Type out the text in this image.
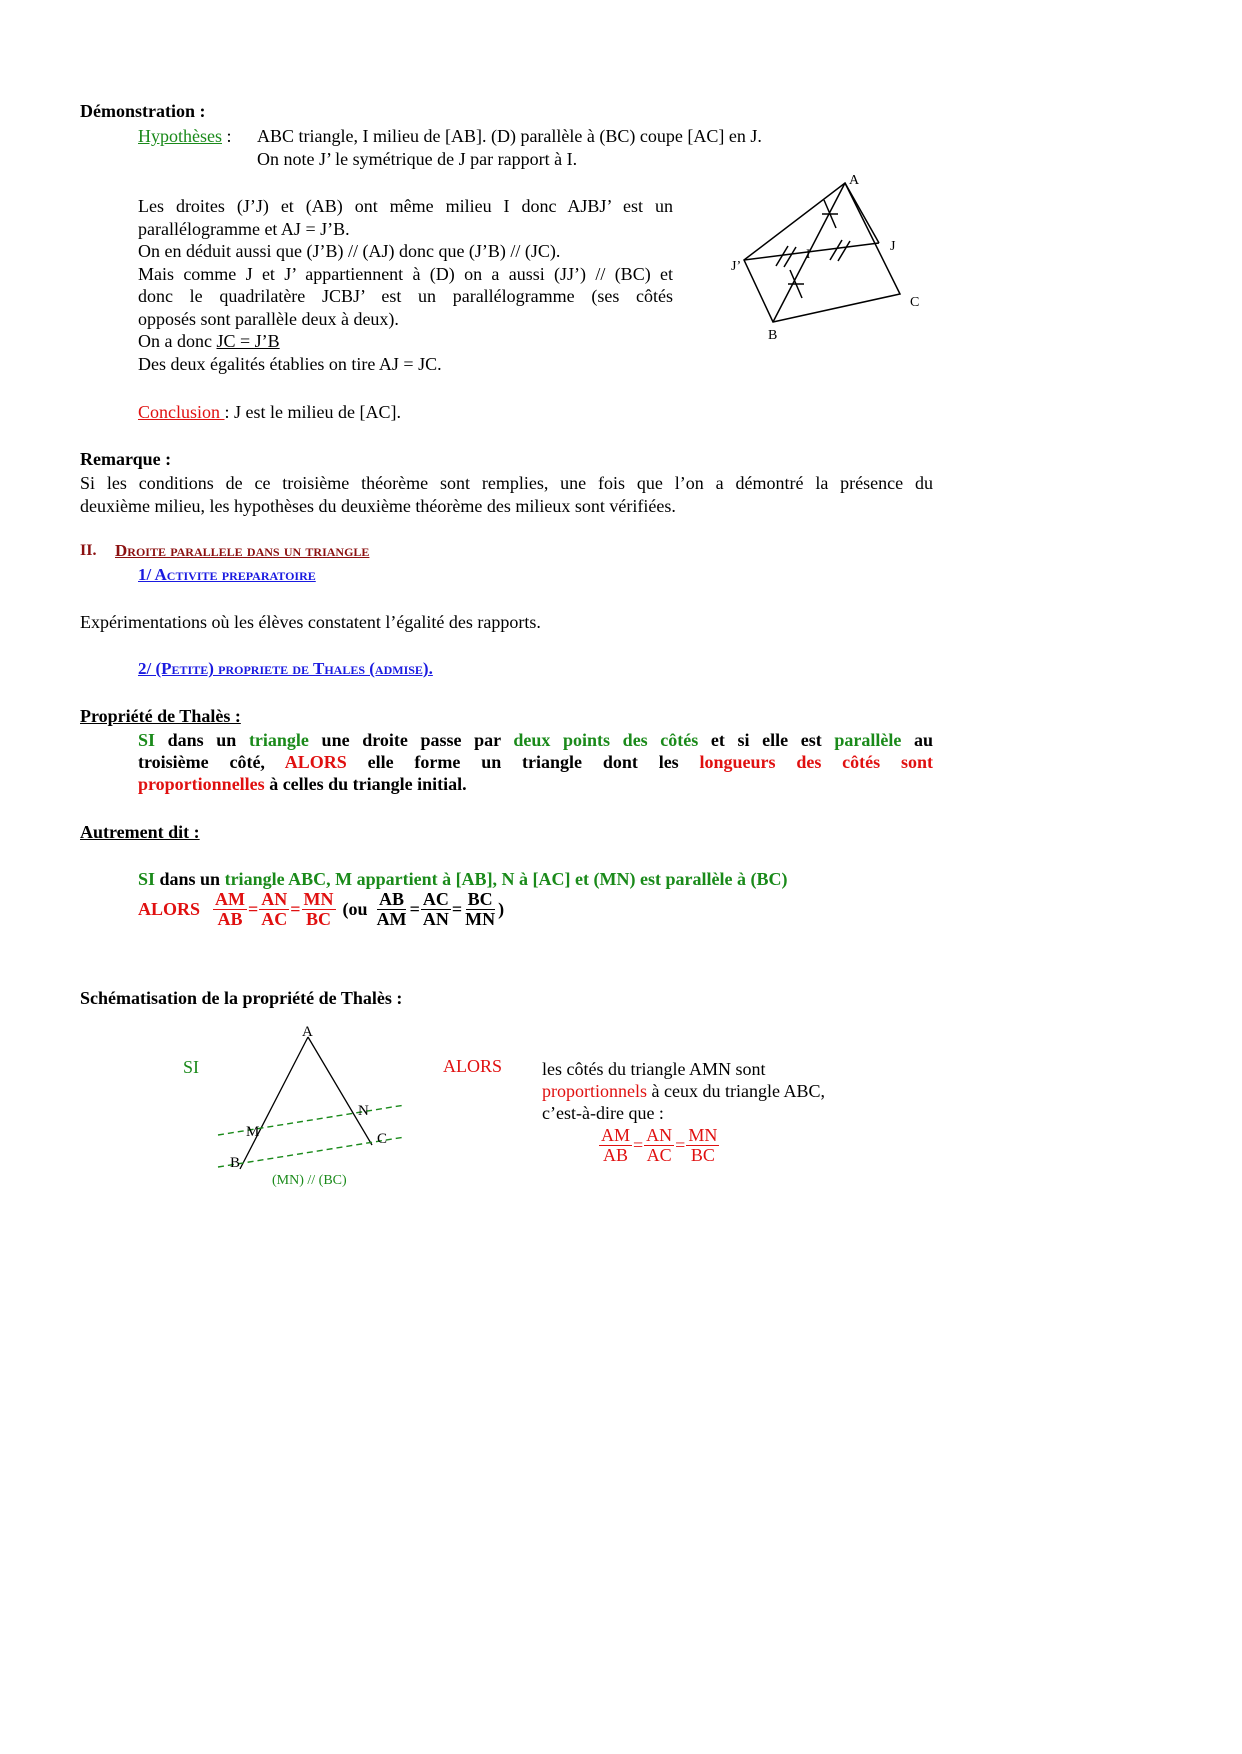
Démonstration :
Hypothèses : ABC triangle, I milieu de [AB]. (D) parallèle à (BC) coupe [AC] en J.
On note J’ le symétrique de J par rapport à I.
Les droites (J’J) et (AB) ont même milieu I donc AJBJ’ est un
parallélogramme et AJ = J’B.
On en déduit aussi que (J’B) // (AJ) donc que (J’B) // (JC).
Mais comme J et J’ appartiennent à (D) on a aussi (JJ’) // (BC) et
donc le quadrilatère JCBJ’ est un parallélogramme (ses côtés
opposés sont parallèle deux à deux).
On a donc JC = J’B
Des deux égalités établies on tire AJ = JC.
A
J
J’
I
C
B
Conclusion : J est le milieu de [AC].
Remarque :
Si les conditions de ce troisième théorème sont remplies, une fois que l’on a démontré la présence du
deuxième milieu, les hypothèses du deuxième théorème des milieux sont vérifiées.
II. Droite parallele dans un triangle
1/ Activite preparatoire
Expérimentations où les élèves constatent l’égalité des rapports.
2/ (Petite) propriete de Thales (admise).
Propriété de Thalès :
SI dans un triangle une droite passe par deux points des côtés et si elle est parallèle au
troisième côté, ALORS elle forme un triangle dont les longueurs des côtés sont
proportionnelles à celles du triangle initial.
Autrement dit :
SI dans un triangle ABC, M appartient à [AB], N à [AC] et (MN) est parallèle à (BC)
ALORS $\frac{AM}{AB} = \frac{AN}{AC} = \frac{MN}{BC} (ou \frac{AB}{AM} = \frac{AC}{AN} = \frac{BC}{MN}$ )
Schématisation de la propriété de Thalès :
SI
A
M
N
B
C
(MN) // (BC)
ALORS les côtés du triangle AMN sont
proportionnels à ceux du triangle ABC,
c’est-à-dire que :
$\frac{AM}{AB} = \frac{AN}{AC} = \frac{MN}{BC}$
